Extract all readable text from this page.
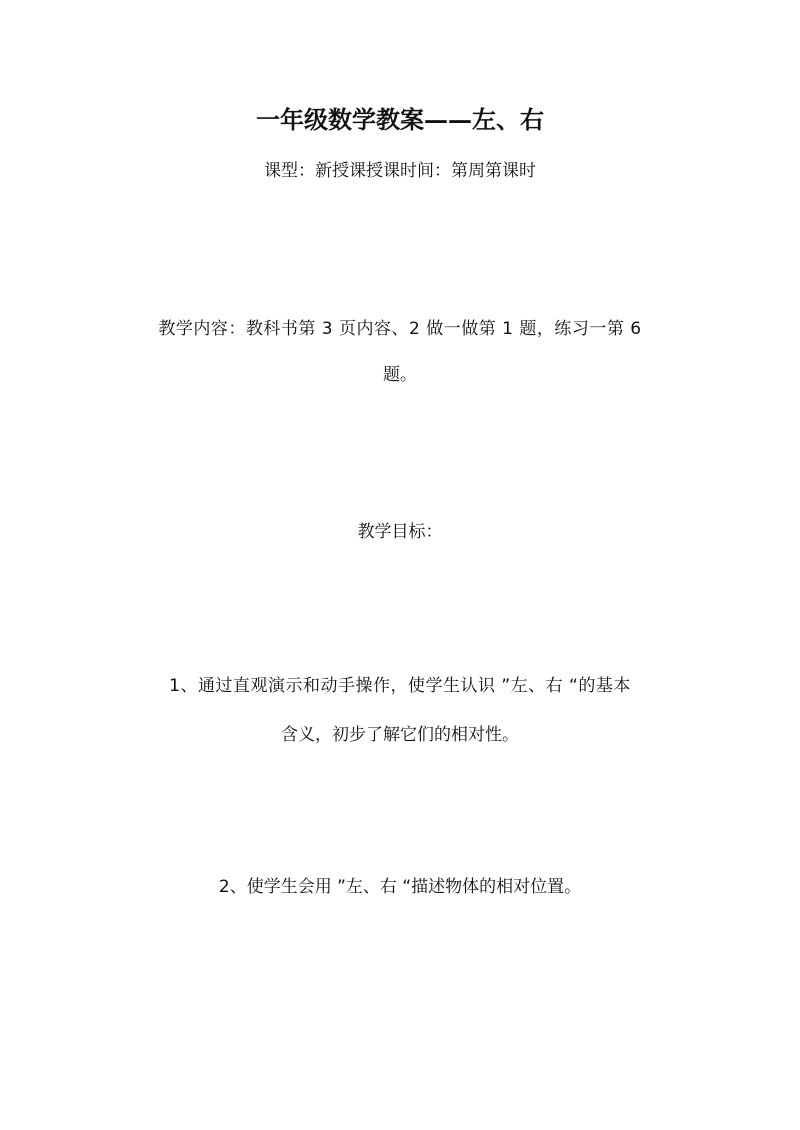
一年级数学教案——左、右
课型：新授课授课时间：第周第课时
教学内容：教科书第 3 页内容、2 做一做第 1 题，练习一第 6
题。
教学目标：
1、通过直观演示和动手操作，使学生认识 ”左、右 “的基本
含义，初步了解它们的相对性。
2、使学生会用 ”左、右 “描述物体的相对位置。
